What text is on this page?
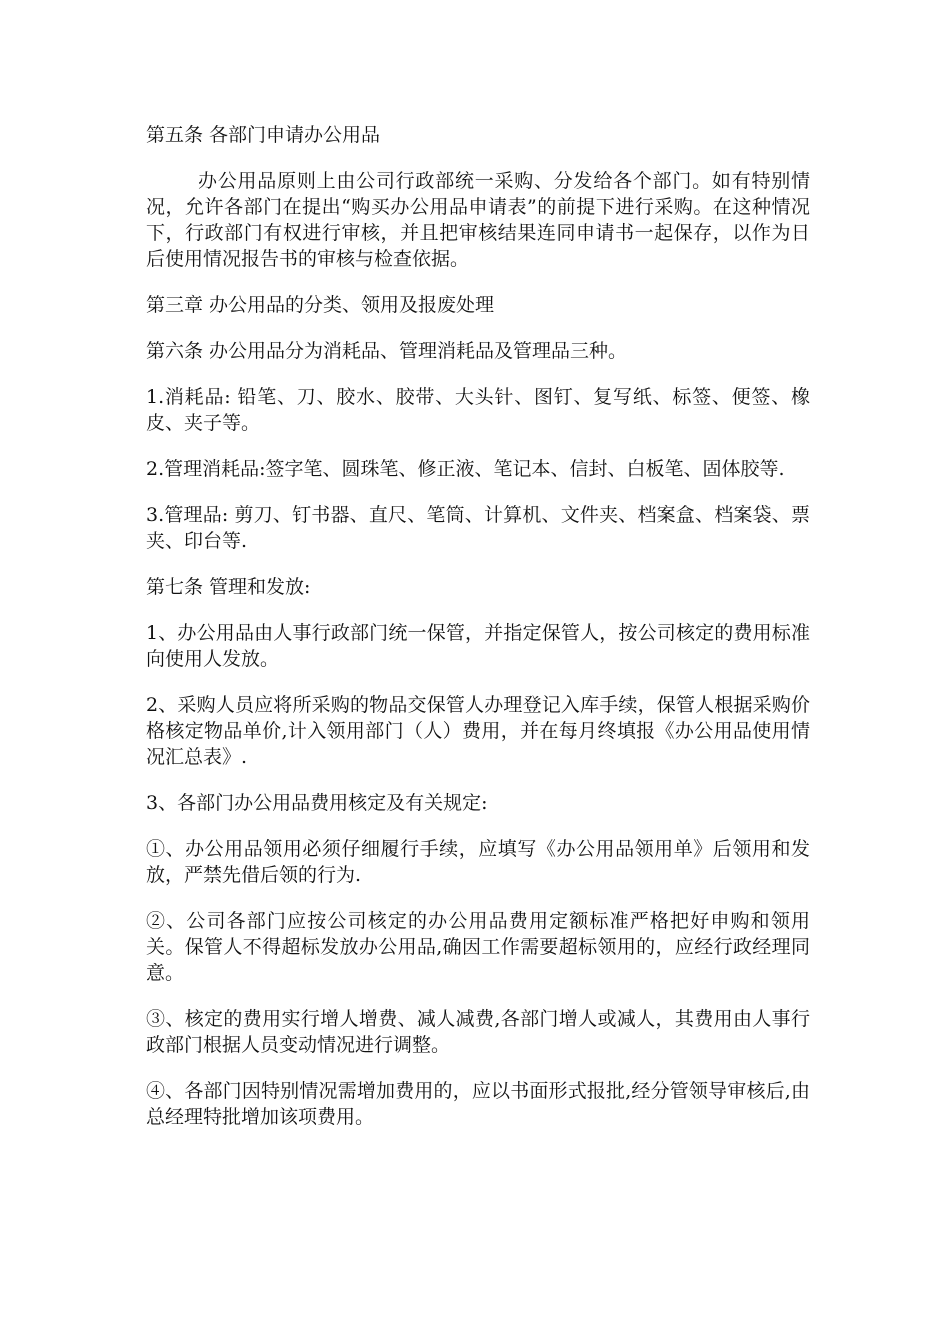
第五条 各部门申请办公用品

办公用品原则上由公司行政部统一采购、分发给各个部门。如有特别情况，允许各部门在提出“购买办公用品申请表”的前提下进行采购。在这种情况下，行政部门有权进行审核，并且把审核结果连同申请书一起保存，以作为日后使用情况报告书的审核与检查依据。

第三章 办公用品的分类、领用及报废处理

第六条 办公用品分为消耗品、管理消耗品及管理品三种。

1.消耗品: 铅笔、刀、胶水、胶带、大头针、图钉、复写纸、标签、便签、橡皮、夹子等。

2.管理消耗品:签字笔、圆珠笔、修正液、笔记本、信封、白板笔、固体胶等.

3.管理品: 剪刀、钉书器、直尺、笔筒、计算机、文件夹、档案盒、档案袋、票夹、印台等.

第七条 管理和发放:

1、办公用品由人事行政部门统一保管，并指定保管人，按公司核定的费用标准向使用人发放。

2、采购人员应将所采购的物品交保管人办理登记入库手续，保管人根据采购价格核定物品单价,计入领用部门（人）费用，并在每月终填报《办公用品使用情况汇总表》.

3、各部门办公用品费用核定及有关规定:

①、办公用品领用必须仔细履行手续，应填写《办公用品领用单》后领用和发放，严禁先借后领的行为.

②、公司各部门应按公司核定的办公用品费用定额标准严格把好申购和领用关。保管人不得超标发放办公用品,确因工作需要超标领用的，应经行政经理同意。

③、核定的费用实行增人增费、减人减费,各部门增人或减人，其费用由人事行政部门根据人员变动情况进行调整。

④、各部门因特别情况需增加费用的，应以书面形式报批,经分管领导审核后,由总经理特批增加该项费用。
